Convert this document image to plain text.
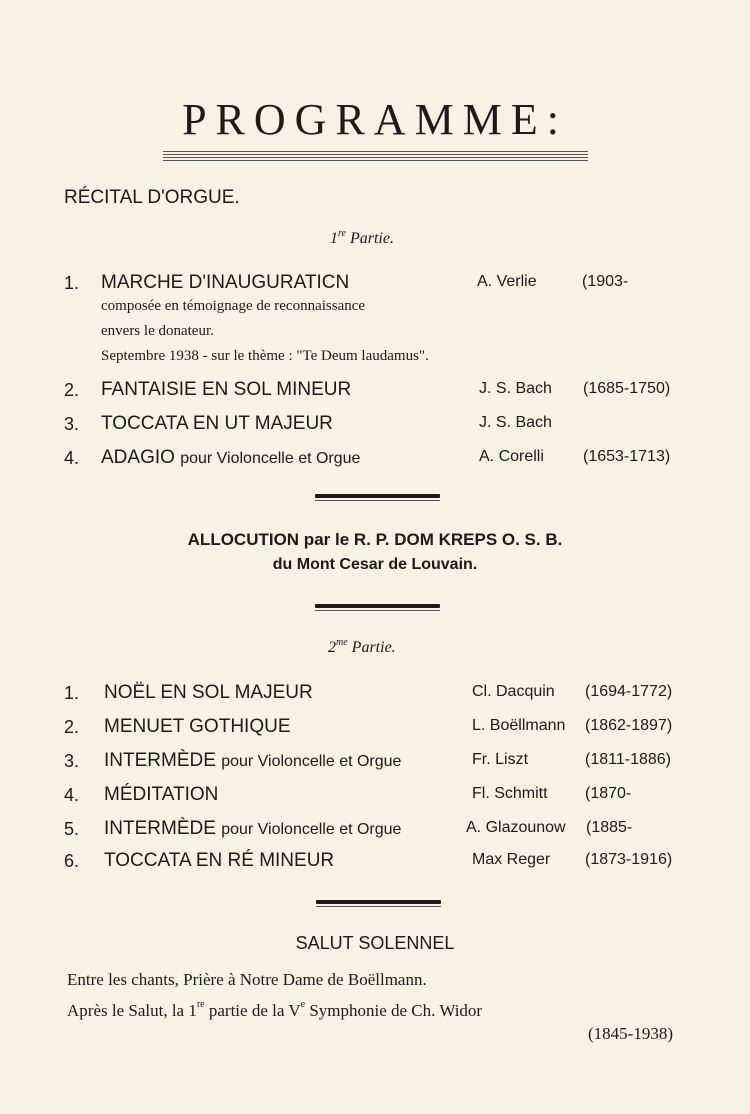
PROGRAMME:
RÉCITAL D'ORGUE.
1re Partie.
1. MARCHE D'INAUGURATICN	A. Verlie	(1903-
composée en témoignage de reconnaissance
envers le donateur.
Septembre 1938 - sur le thème : "Te Deum laudamus".
2. FANTAISIE EN SOL MINEUR	J. S. Bach (1685-1750)
3. TOCCATA EN UT MAJEUR	J. S. Bach
4. ADAGIO pour Violoncelle et Orgue	A. Corelli (1653-1713)
ALLOCUTION par le R. P. DOM KREPS O. S. B.
du Mont Cesar de Louvain.
$2^{me}$ Partie.
1. NOËL EN SOL MAJEUR	Cl. Dacquin (1694-1772)
2. MENUET GOTHIQUE	L. Boëllmann (1862-1897)
3. INTERMÈDE pour Violoncelle et Orgue	Fr. Liszt	(1811-1886)
4. MÉDITATION	Fl. Schmitt (1870-
5. INTERMÈDE pour Violoncelle et Orgue	A. Glazounow (1885-
6. TOCCATA EN RÉ MINEUR	Max Reger (1873-1916)
SALUT SOLENNEL
Entre les chants, Prière à Notre Dame de Boëllmann.
Après le Salut, la 1re partie de la Ve Symphonie de Ch. Widor
(1845-1938)
